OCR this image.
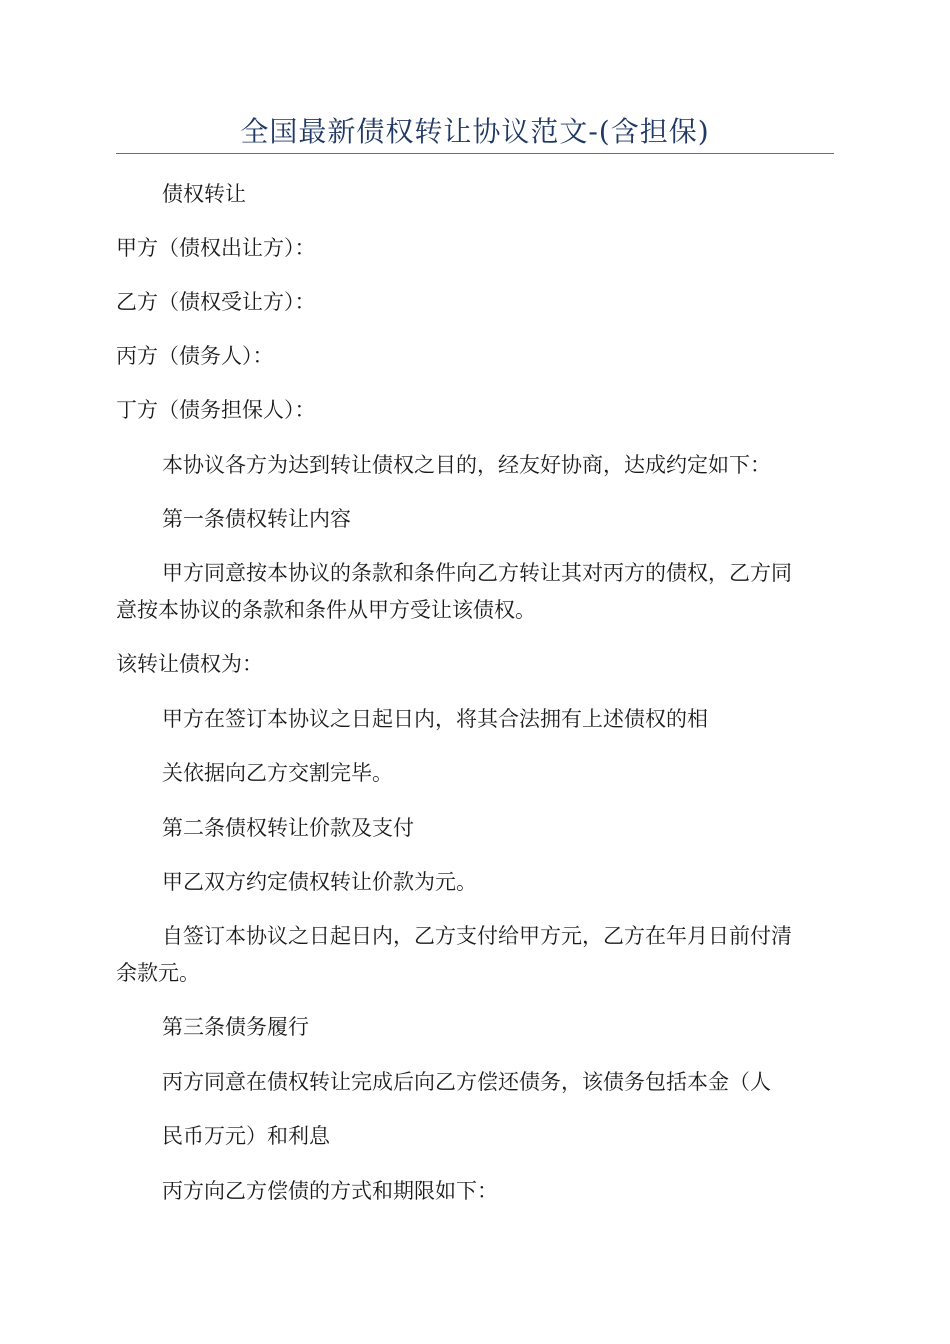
全国最新债权转让协议范文-(含担保)
债权转让
甲方（债权出让方）：
乙方（债权受让方）：
丙方（债务人）：
丁方（债务担保人）：
本协议各方为达到转让债权之目的，经友好协商，达成约定如下：
第一条债权转让内容
甲方同意按本协议的条款和条件向乙方转让其对丙方的债权，乙方同
意按本协议的条款和条件从甲方受让该债权。
该转让债权为：
甲方在签订本协议之日起日内，将其合法拥有上述债权的相
关依据向乙方交割完毕。
第二条债权转让价款及支付
甲乙双方约定债权转让价款为元。
自签订本协议之日起日内，乙方支付给甲方元，乙方在年月日前付清
余款元。
第三条债务履行
丙方同意在债权转让完成后向乙方偿还债务，该债务包括本金（人
民币万元）和利息
丙方向乙方偿债的方式和期限如下：
